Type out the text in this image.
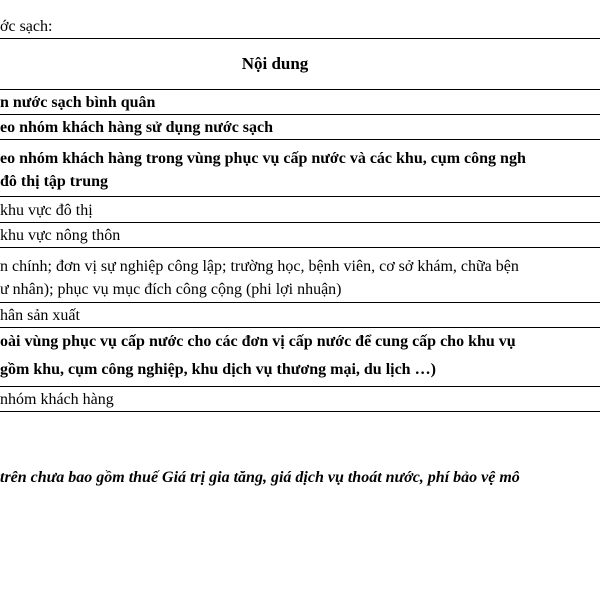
ớc sạch:
Nội dung
n nước sạch bình quân
eo nhóm khách hàng sử dụng nước sạch
eo nhóm khách hàng trong vùng phục vụ cấp nước và các khu, cụm công ngh
đô thị tập trung
khu vực đô thị
khu vực nông thôn
n chính; đơn vị sự nghiệp công lập; trường học, bệnh viên, cơ sở khám, chữa bện
ư nhân); phục vụ mục đích công cộng (phi lợi nhuận)
hân sản xuất
oài vùng phục vụ cấp nước cho các đơn vị cấp nước để cung cấp cho khu vụ
gồm khu, cụm công nghiệp, khu dịch vụ thương mại, du lịch …)
nhóm khách hàng
trên chưa bao gồm thuế Giá trị gia tăng, giá dịch vụ thoát nước, phí bảo vệ mô
